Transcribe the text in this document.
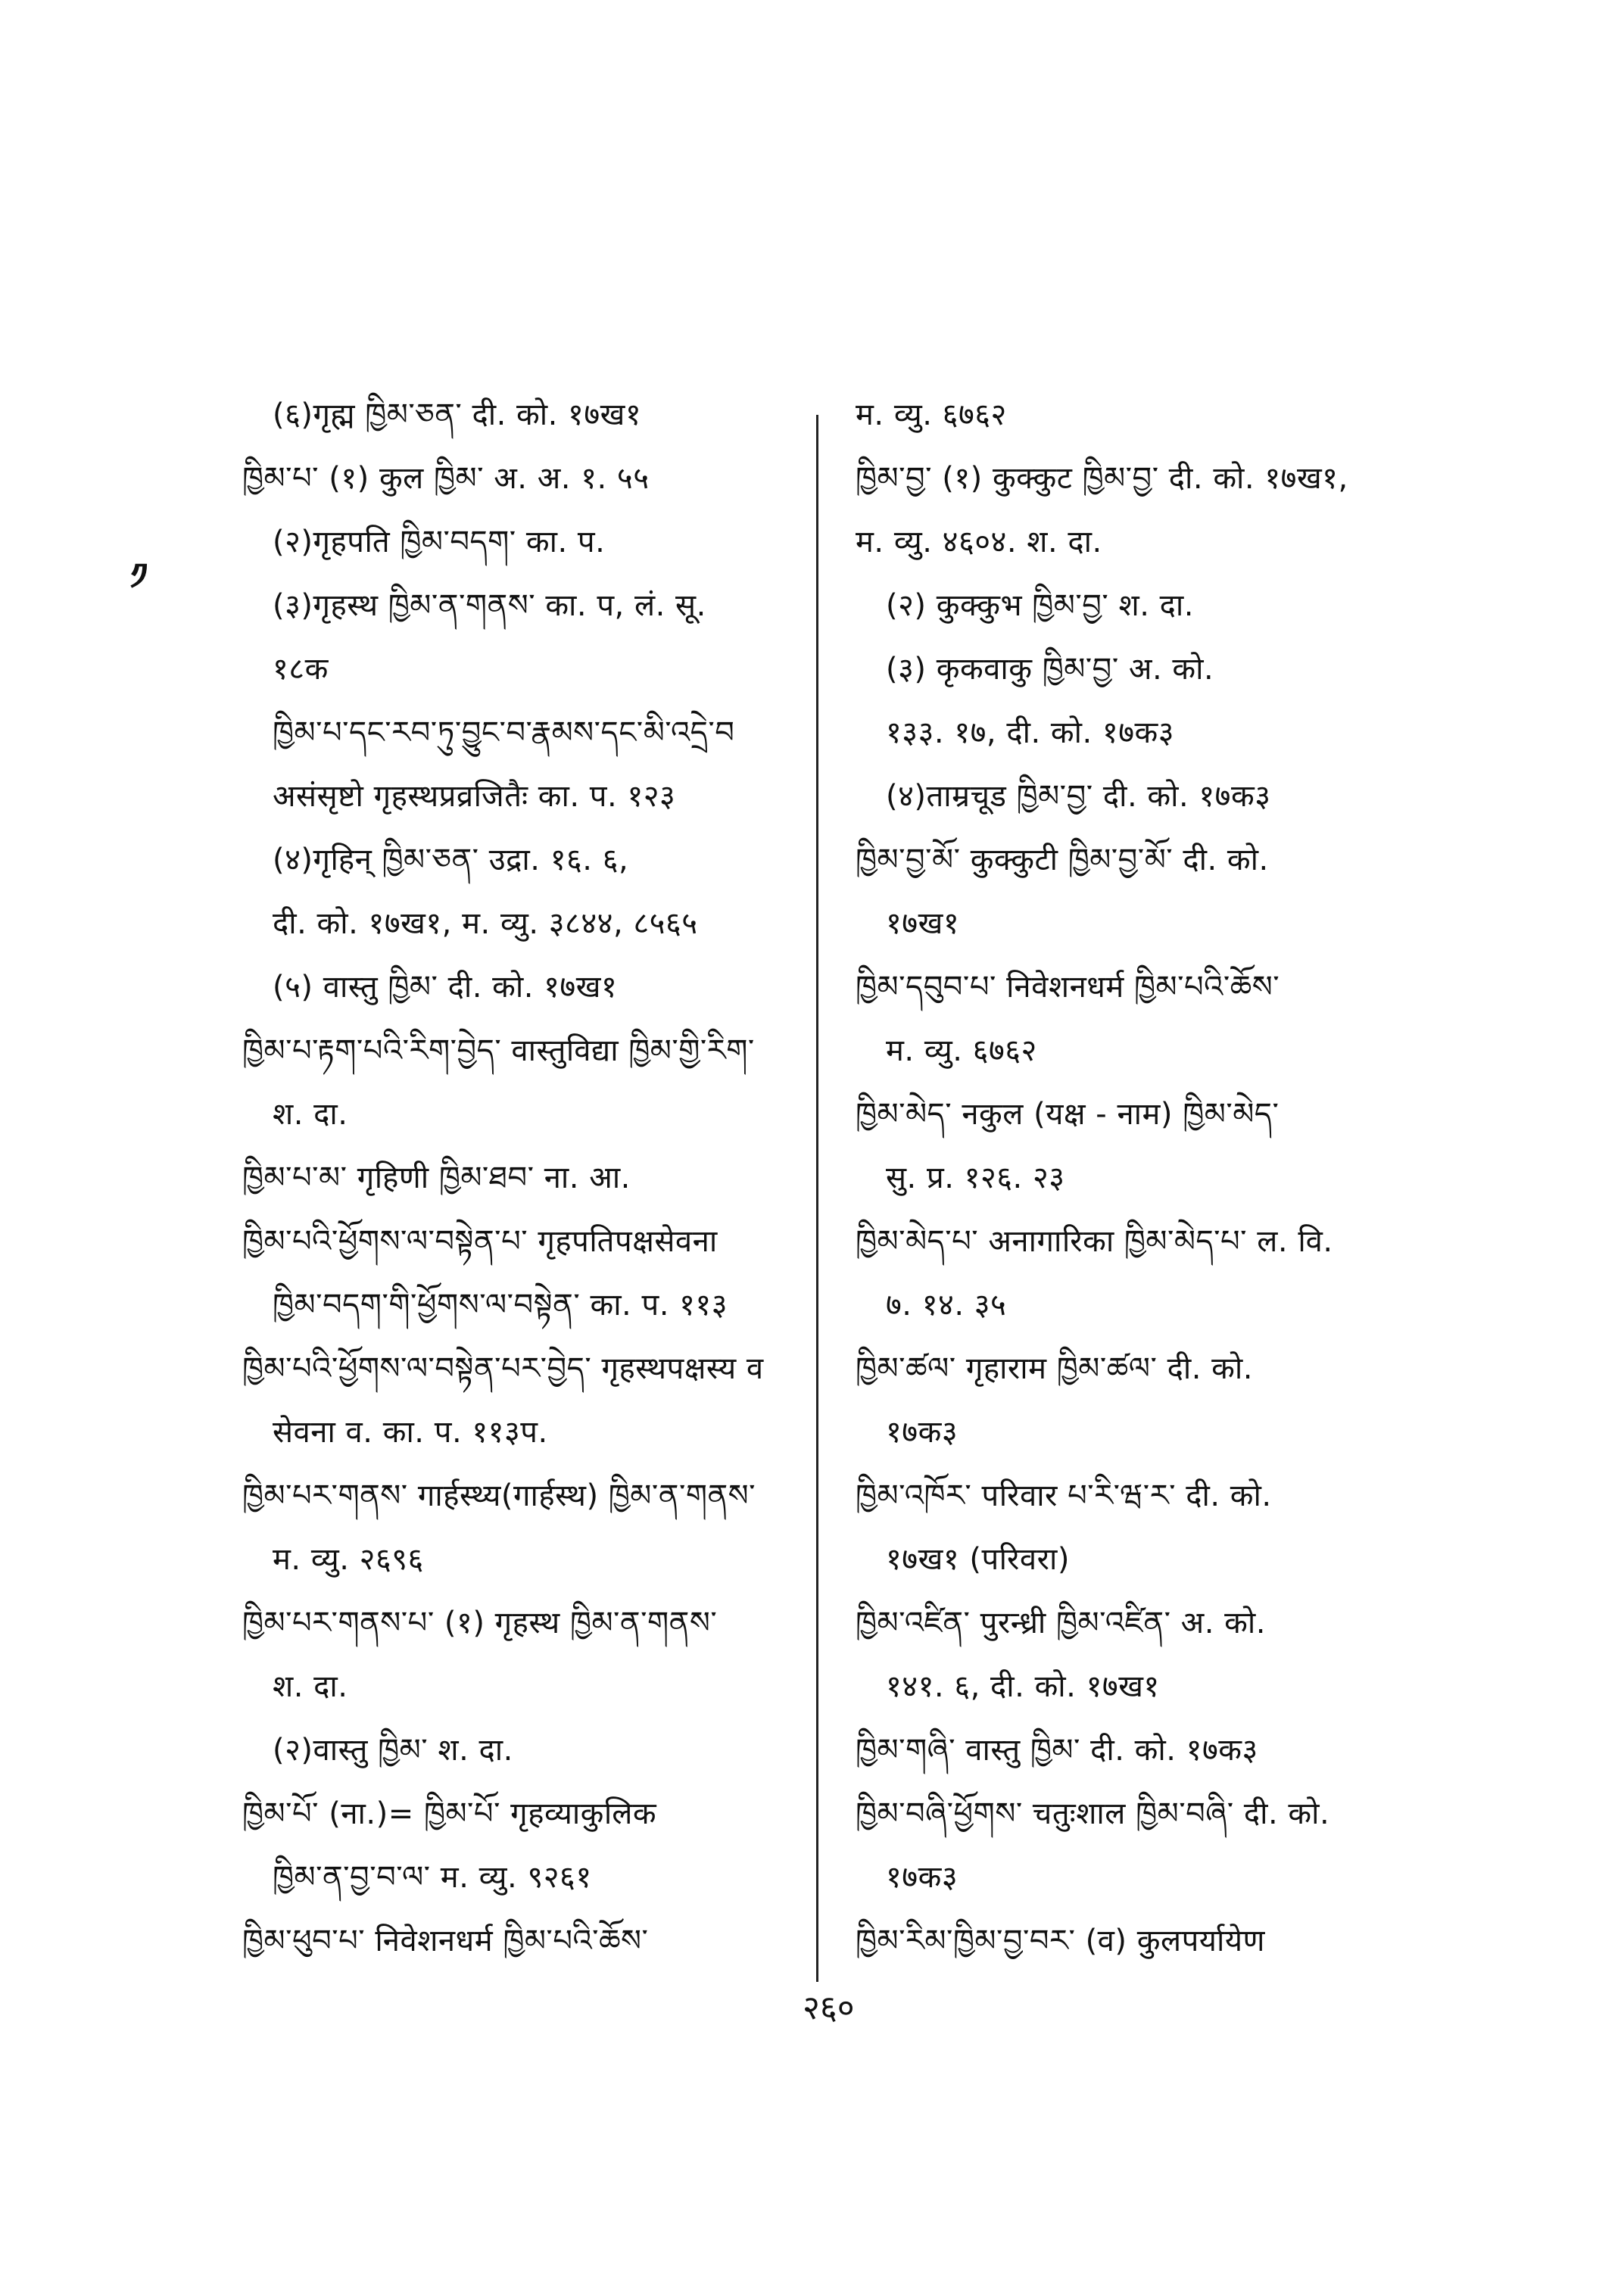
༡
(६)गृह्म ཁྱིམ་ཅན་ दी. को. १७ख१
ཁྱིམ་པ་ (१) कुल ཁྱིམ་ अ. अ. १. ५५
(२)गृहपति ཁྱིམ་བདག་ का. प.
(३)गृहस्थ ཁྱིམ་ན་གནས་ का. प, लं. सू.
१८क
ཁྱིམ་པ་དང་རབ་ཏུ་བྱུང་བ་རྣམས་དང་མི་འདྲེ་བ
असंसृष्टो गृहस्थप्रव्रजितैः का. प. १२३
(४)गृहिन् ཁྱིམ་ཅན་ उद्रा. १६. ६,
दी. को. १७ख१, म. व्यु. ३८४४, ८५६५
(५) वास्तु ཁྱིམ་ दी. को. १७ख१
ཁྱིམ་པ་རྟག་པའི་རིག་བྱེད་ वास्तुविद्या ཁྱིམ་གྱི་རིག་
श. दा.
ཁྱིམ་པ་མ་ गृहिणी ཁྱིམ་ཐབ་ ना. आ.
ཁྱིམ་པའི་ཕྱོགས་ལ་བསྟེན་པ་ गृहपतिपक्षसेवना
ཁྱིམ་བདག་གི་ཕྱོགས་ལ་བསྟེན་ का. प. ११३
ཁྱིམ་པའི་ཕྱོགས་ལ་བསྟེན་པར་བྱེད་ गृहस्थपक्षस्य व
सेवना व. का. प. ११३प.
ཁྱིམ་པར་གནས་ गार्हस्थ्य(गार्हस्थ) ཁྱིམ་ན་གནས་
म. व्यु. २६९६
ཁྱིམ་པར་གནས་པ་ (१) गृहस्थ ཁྱིམ་ན་གནས་
श. दा.
(२)वास्तु ཁྱིམ་ श. दा.
ཁྱིམ་པོ་ (ना.)= ཁྱིམ་པོ་ गृहव्याकुलिक
ཁྱིམ་ན་བྱ་བ་ལ་ म. व्यु. ९२६१
ཁྱིམ་ཕུབ་པ་ निवेशनधर्म ཁྱིམ་པའི་ཆོས་
म. व्यु. ६७६२
ཁྱིམ་བྱ་ (१) कुक्कुट ཁྱིམ་བྱ་ दी. को. १७ख१,
म. व्यु. ४६०४. श. दा.
(२) कुक्कुभ ཁྱིམ་བྱ་ श. दा.
(३) कृकवाकु ཁྱིམ་བྱ་ अ. को.
१३३. १७, दी. को. १७क३
(४)ताम्रचूड ཁྱིམ་བྱ་ दी. को. १७क३
ཁྱིམ་བྱ་མོ་ कुक्कुटी ཁྱིམ་བྱ་མོ་ दी. को.
१७ख१
ཁྱིམ་དབུབ་པ་ निवेशनधर्म ཁྱིམ་པའི་ཆོས་
म. व्यु. ६७६२
ཁྱིམ་མེད་ नकुल (यक्ष - नाम) ཁྱིམ་མེད་
सु. प्र. १२६. २३
ཁྱིམ་མེད་པ་ अनागारिका ཁྱིམ་མེད་པ་ ल. वि.
७. १४. ३५
ཁྱིམ་ཚལ་ गृहाराम ཁྱིམ་ཚལ་ दी. को.
१७क३
ཁྱིམ་འཁོར་ परिवार པ་རི་ཝ་ར་ दी. को.
१७ख१ (परिवरा)
ཁྱིམ་འཛིན་ पुरन्ध्री ཁྱིམ་འཛིན་ अ. को.
१४१. ६, दी. को. १७ख१
ཁྱིམ་གཞི་ वास्तु ཁྱིམ་ दी. को. १७क३
ཁྱིམ་བཞི་ཕྱོགས་ चतुःशाल ཁྱིམ་བཞི་ दी. को.
१७क३
ཁྱིམ་རིམ་ཁྱིམ་བྱ་བར་ (व) कुलपर्यायेण
२६०
